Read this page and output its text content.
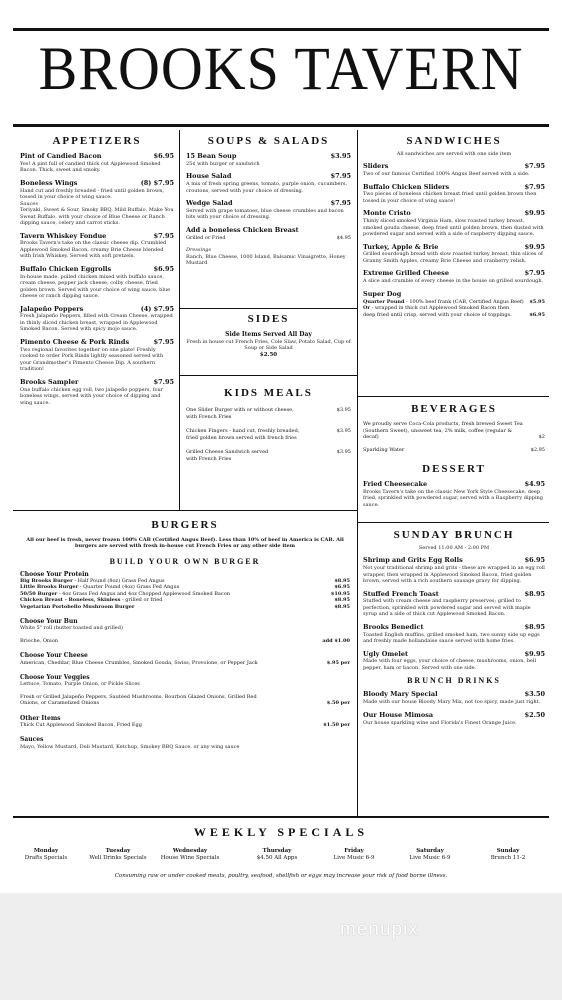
BROOKS TAVERN
APPETIZERS
Pint of Candied Bacon	$6.95
Yes! A pint full of candied thick cut Applewood Smoked Bacon. Thick, sweet and smoky.
Boneless Wings	(8) $7.95
Hand cut and freshly breaded - fried until golden brown, tossed in your choice of wing sauce.
Sauces
Teriyaki, Sweet & Sour, Smoky BBQ, Mild Buffalo, Make You Sweat Buffalo, with your choice of Blue Cheese or Ranch dipping sauce, celery and carrot sticks.
Tavern Whiskey Fondue	$7.95
Brooks Tavern's take on the classic cheese dip. Crumbled Applewood Smoked Bacon, creamy Brie Cheese blended with Irish Whiskey. Served with soft pretzels.
Buffalo Chicken Eggrolls	$6.95
In-house made, pulled chicken mixed with buffalo sauce, cream cheese, pepper jack cheese, colby cheese, fried golden brown. Served with your choice of wing sauce, blue cheese or ranch dipping sauce.
Jalapeño Poppers	(4) $7.95
Fresh Jalapeño Peppers, filled with Cream Cheese, wrapped in thinly sliced chicken breast, wrapped in Applewood Smoked Bacon. Served with spicy mojo sauce.
Pimento Cheese & Pork Rinds	$7.95
Two regional favorites together on one plate! Freshly cooked to order Pork Rinds lightly seasoned served with your Grandmother's Pimento Cheese Dip. A southern tradition!
Brooks Sampler	$7.95
One buffalo chicken egg roll, two jalapeño poppers, four boneless wings, served with your choice of dipping and wing sauce.
SOUPS & SALADS
15 Bean Soup	$3.95
25¢ with burger or sandwich
House Salad	$7.95
A mix of fresh spring greens, tomato, purple onion, cucumbers, croutons, served with your choice of dressing.
Wedge Salad	$7.95
Served with grape tomatoes, blue cheese crumbles and bacon bits with your choice of dressing.
Add a boneless Chicken Breast
Grilled or Fried	$4.95
Dressings
Ranch, Blue Cheese, 1000 Island, Balsamic Vinaigrette, Honey Mustard
SIDES
Side Items Served All Day
Fresh in house cut French Fries, Cole Slaw, Potato Salad, Cup of Soup or Side Salad
$2.50
KIDS MEALS
One Slider Burger with or without cheese, with French Fries
$3.95
Chicken Fingers - hand cut, freshly breaded, fried golden brown served with french fries
$3.95
Grilled Cheese Sandwich served with French Fries
$3.95
SANDWICHES
All sandwiches are served with one side item
Sliders	$7.95
Two of our famous Certified 100% Angus Beef served with a side.
Buffalo Chicken Sliders	$7.95
Two pieces of boneless chicken breast fried until golden brown then tossed in your choice of wing sauce!
Monte Cristo	$9.95
Thinly sliced smoked Virginia Ham, slow roasted turkey breast, smoked gouda cheese, deep fried until golden brown, then dusted with powdered sugar and served with a side of raspberry dipping sauce.
Turkey, Apple & Brie	$9.95
Grilled sourdough bread with slow roasted turkey breast, thin slices of Granny Smith Apples, creamy Brie Cheese and cranberry relish.
Extreme Grilled Cheese	$7.95
A slice and crumble of every cheese in the house on grilled sourdough.
Super Dog
Quarter Pound - 100% beef frank (CAB, Certified Angus Beef) $5.95
Or - wrapped in thick cut Applewood Smoked Bacon then deep fried until crisp, served with your choice of toppings.	$6.95
BEVERAGES
We proudly serve Coca-Cola products, fresh brewed Sweet Tea (Southern Sweet), unsweet tea, 2% milk, coffee (regular & decaf)	$2
Sparkling Water	$2.95
DESSERT
Fried Cheesecake	$4.95
Brooks Tavern's take on the classic New York Style Cheesecake, deep fried, sprinkled with powdered sugar, served with a Raspberry dipping sauce.
BURGERS
All our beef is fresh, never frozen 100% CAB (Certified Angus Beef). Less than 10% of beef in America is CAB. All burgers are served with fresh in-house cut French Fries or any other side item
BUILD YOUR OWN BURGER
Choose Your Protein
Big Brooks Burger - Half Pound (8oz) Grass Fed Angus	$8.95
Little Brooks Burger - Quarter Pound (4oz) Grass Fed Angus	$6.95
50/50 Burger - 4oz Grass Fed Angus and 4oz Chopped Applewood Smoked Bacon	$10.95
Chicken Breast - Boneless, Skinless - grilled or fried	$8.95
Vegetarian Portobello Mushroom Burger	$8.95
Choose Your Bun
White 5" roll (butter toasted and grilled)
Brioche, Onion	add $1.00
Choose Your Cheese
American, Cheddar, Blue Cheese Crumbles, Smoked Gouda, Swiss, Provolone, or Pepper Jack	$.95 per
Choose Your Veggies
Lettuce, Tomato, Purple Onion, or Pickle Slices
Fresh or Grilled Jalapeño Peppers, Sautéed Mushrooms, Bourbon Glazed Onions, Grilled Red Onions, or Caramelized Onions	$.50 per
Other Items
Thick Cut Applewood Smoked Bacon, Fried Egg	$1.50 per
Sauces
Mayo, Yellow Mustard, Deli Mustard, Ketchup, Smokey BBQ Sauce, or any wing sauce
SUNDAY BRUNCH
Served 11:00 AM - 2:00 PM
Shrimp and Grits Egg Rolls	$6.95
Not your traditional shrimp and grits - these are wrapped in an egg roll wrapper, then wrapped in Applewood Smoked Bacon, fried golden brown, served with a rich southern sausage gravy for dipping.
Stuffed French Toast	$8.95
Stuffed with cream cheese and raspberry preserves; grilled to perfection, sprinkled with powdered sugar and served with maple syrup and a side of thick cut Applewood Smoked Bacon.
Brooks Benedict	$8.95
Toasted English muffins, grilled smoked ham, two sunny side up eggs and freshly made hollandaise sauce served with home fries.
Ugly Omelet	$9.95
Made with four eggs, your choice of cheese, mushrooms, onion, bell pepper, ham or bacon. Served with one side.
BRUNCH DRINKS
Bloody Mary Special	$3.50
Made with our house Bloody Mary Mix, not too spicy, made just right.
Our House Mimosa	$2.50
Our house sparkling wine and Florida's Finest Orange Juice.
WEEKLY SPECIALS
Monday
Drafts Specials
Tuesday
Well Drinks Specials
Wednesday
House Wine Specials
Thursday
$4.50 All Apps
Friday
Live Music 6-9
Saturday
Live Music 6-9
Sunday
Brunch 11-2
Consuming raw or under cooked meats, poultry, seafood, shellfish or eggs may increase your risk of food borne illness.
menupix
